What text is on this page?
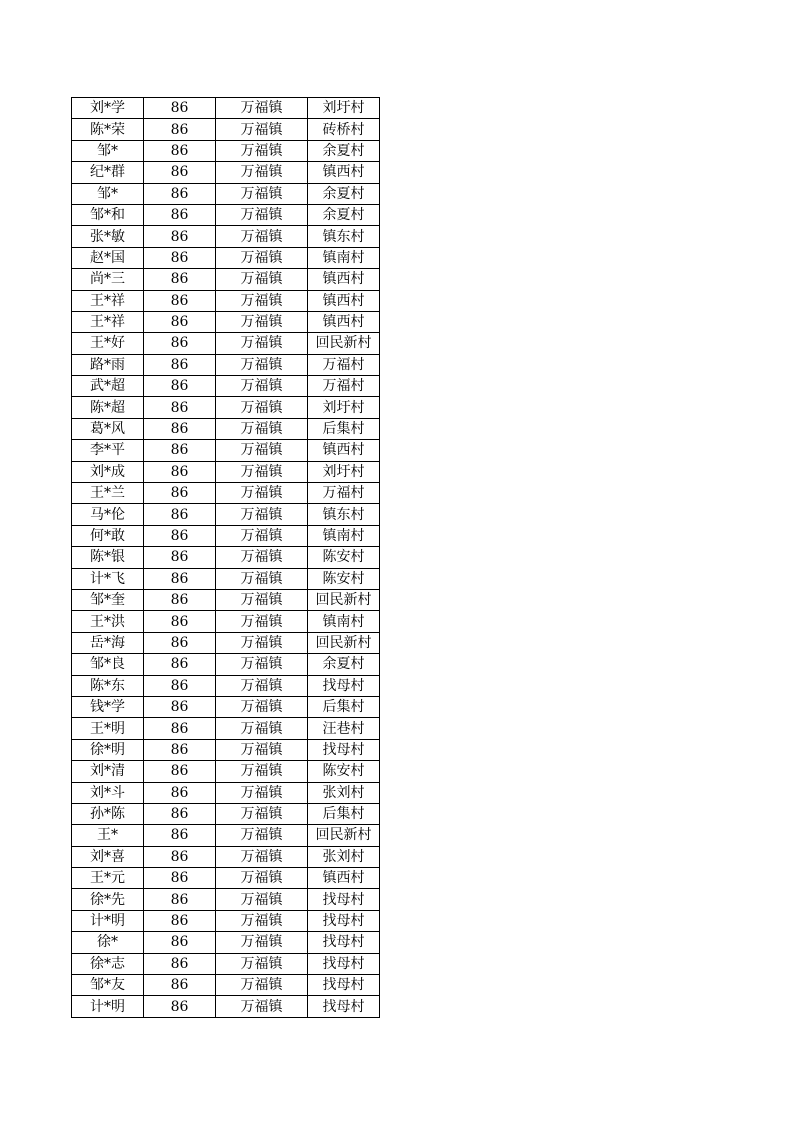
刘*学	86	万福镇	刘圩村
陈*荣	86	万福镇	砖桥村
邹*	86	万福镇	余夏村
纪*群	86	万福镇	镇西村
邹*	86	万福镇	余夏村
邹*和	86	万福镇	余夏村
张*敏	86	万福镇	镇东村
赵*国	86	万福镇	镇南村
尚*三	86	万福镇	镇西村
王*祥	86	万福镇	镇西村
王*祥	86	万福镇	镇西村
王*好	86	万福镇	回民新村
路*雨	86	万福镇	万福村
武*超	86	万福镇	万福村
陈*超	86	万福镇	刘圩村
葛*风	86	万福镇	后集村
李*平	86	万福镇	镇西村
刘*成	86	万福镇	刘圩村
王*兰	86	万福镇	万福村
马*伦	86	万福镇	镇东村
何*敢	86	万福镇	镇南村
陈*银	86	万福镇	陈安村
计*飞	86	万福镇	陈安村
邹*奎	86	万福镇	回民新村
王*洪	86	万福镇	镇南村
岳*海	86	万福镇	回民新村
邹*良	86	万福镇	余夏村
陈*东	86	万福镇	找母村
钱*学	86	万福镇	后集村
王*明	86	万福镇	汪巷村
徐*明	86	万福镇	找母村
刘*清	86	万福镇	陈安村
刘*斗	86	万福镇	张刘村
孙*陈	86	万福镇	后集村
王*	86	万福镇	回民新村
刘*喜	86	万福镇	张刘村
王*元	86	万福镇	镇西村
徐*先	86	万福镇	找母村
计*明	86	万福镇	找母村
徐*	86	万福镇	找母村
徐*志	86	万福镇	找母村
邹*友	86	万福镇	找母村
计*明	86	万福镇	找母村
